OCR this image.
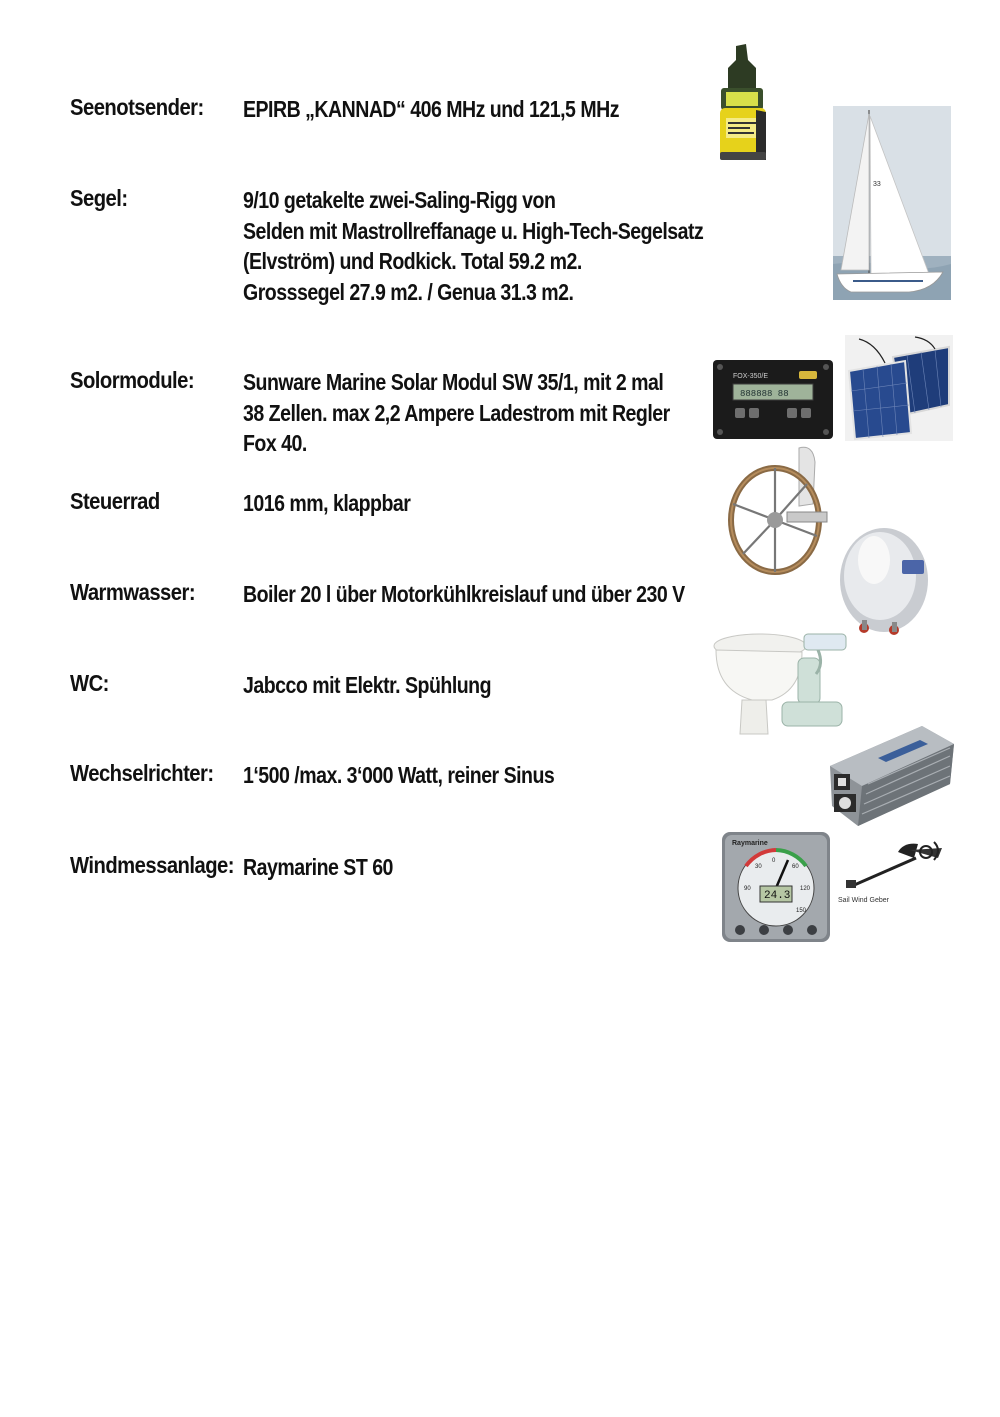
Seenotsender:	EPIRB „KANNAD“ 406 MHz und 121,5 MHz
Segel:	9/10 getakelte zwei-Saling-Rigg von
Selden mit Mastrollreffanage u. High-Tech-Segelsatz
(Elvström) und Rodkick. Total 59.2 m2.
Grosssegel 27.9 m2. / Genua 31.3 m2.
Solormodule:	Sunware Marine Solar Modul SW 35/1, mit 2 mal
38 Zellen. max 2,2 Ampere Ladestrom mit Regler
Fox 40.
Steuerrad	1016 mm, klappbar
Warmwasser:	Boiler 20 l über Motorkühlkreislauf und über 230 V
WC:	Jabcco mit Elektr. Spühlung
Wechselrichter: 1‘500 /max. 3‘000 Watt, reiner Sinus
Windmessanlage: Raymarine ST 60
33
FOX-350/E
888888 88
Raymarine
30
90
60
120
0
150
24.3	Sail Wind Geber
